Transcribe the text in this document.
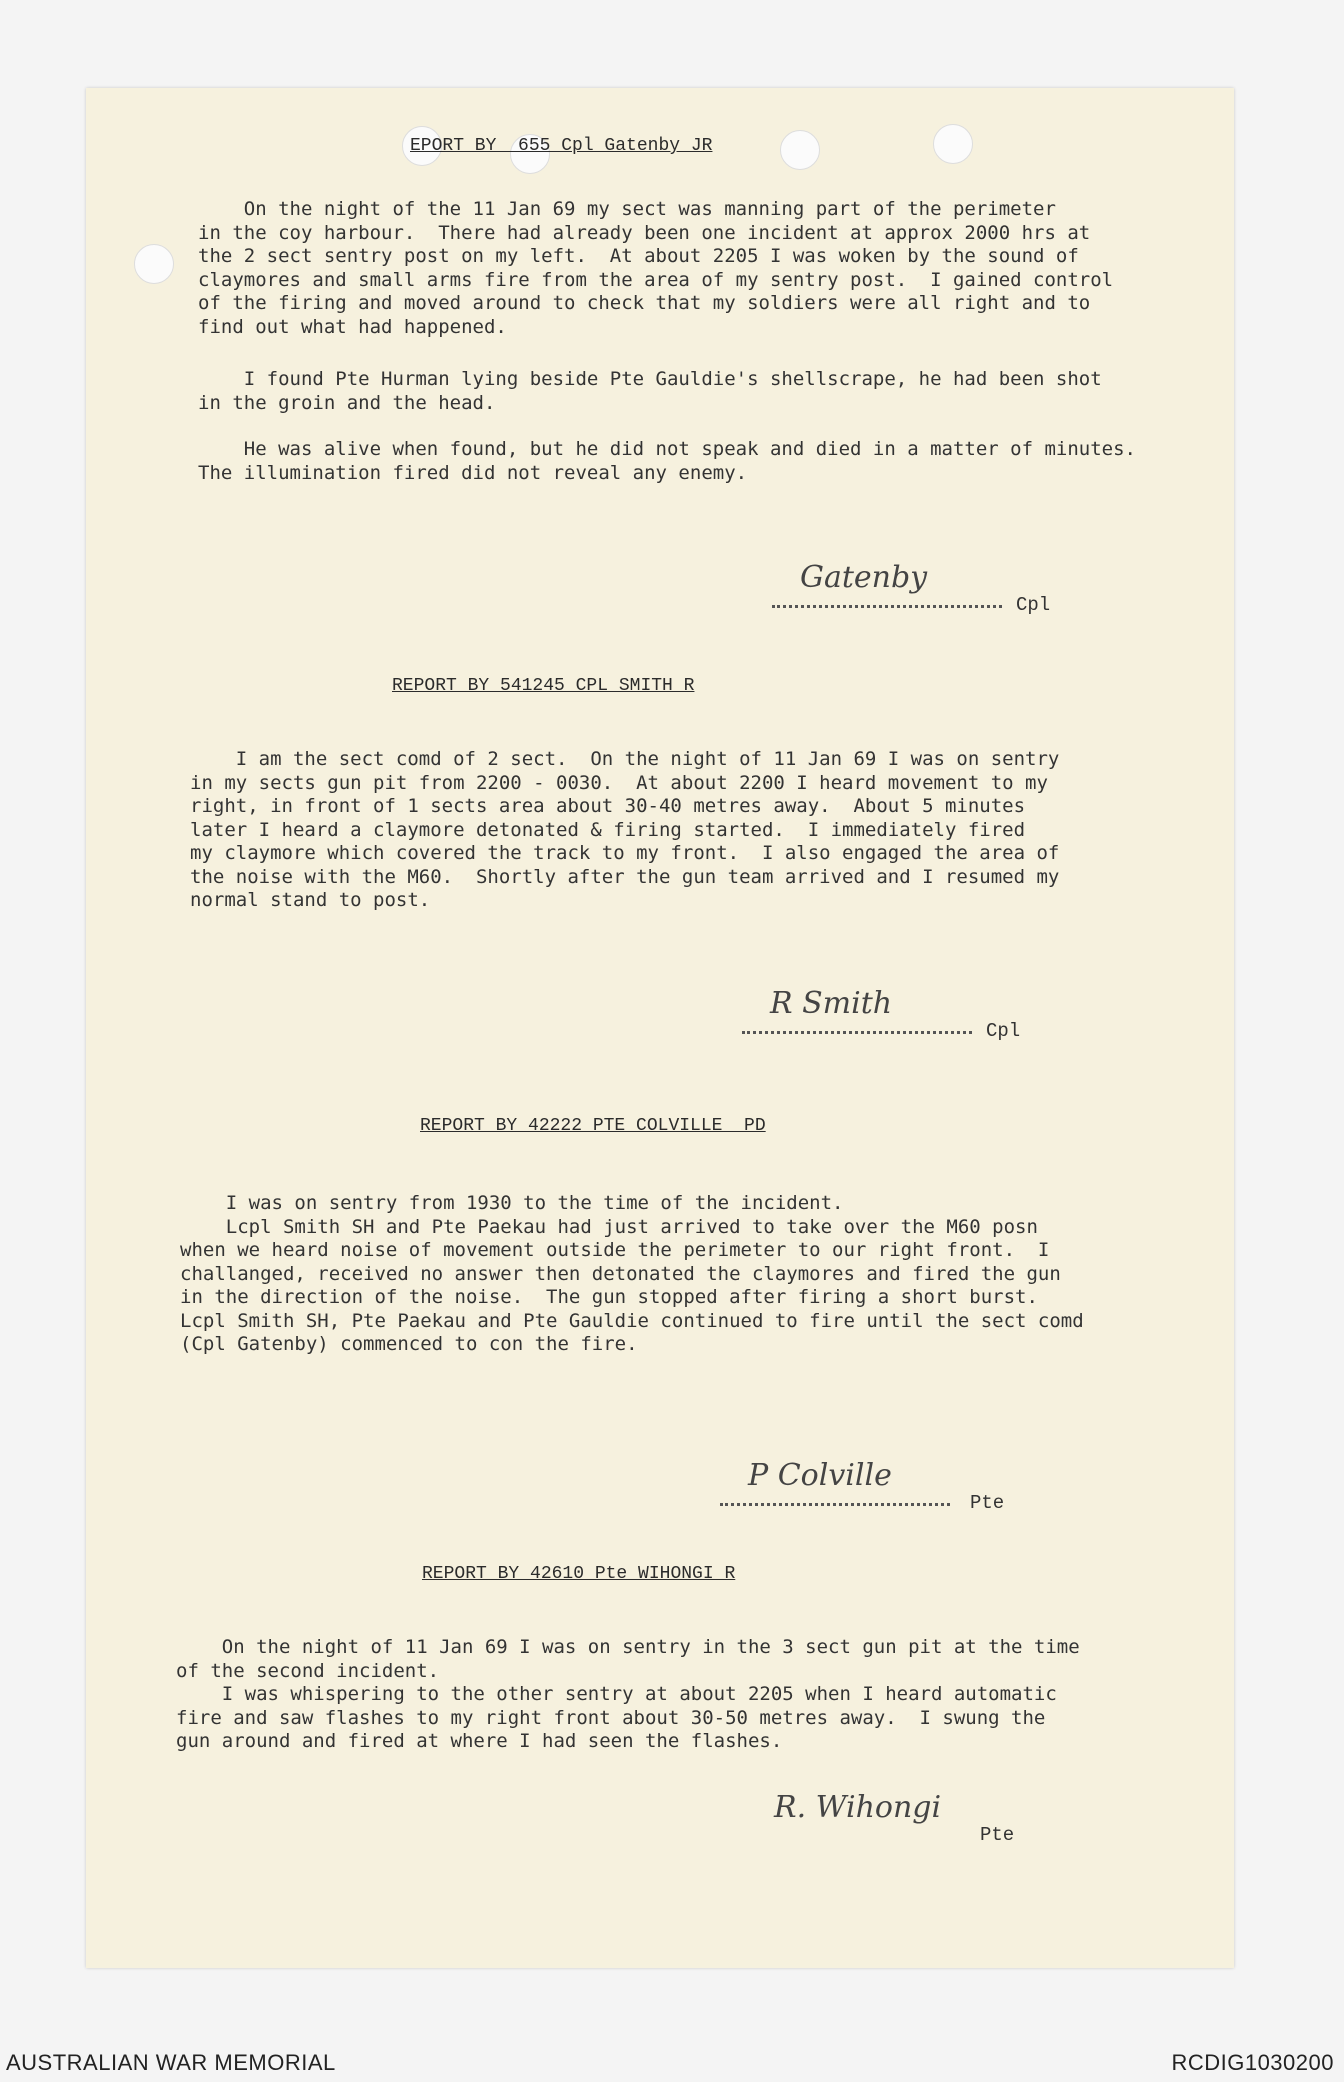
EPORT BY  655 Cpl Gatenby JR
On the night of the 11 Jan 69 my sect was manning part of the perimeter
in the coy harbour.  There had already been one incident at approx 2000 hrs at
the 2 sect sentry post on my left.  At about 2205 I was woken by the sound of
claymores and small arms fire from the area of my sentry post.  I gained control
of the firing and moved around to check that my soldiers were all right and to
find out what had happened.
I found Pte Hurman lying beside Pte Gauldie's shellscrape, he had been shot
in the groin and the head.
He was alive when found, but he did not speak and died in a matter of minutes.
The illumination fired did not reveal any enemy.
Gatenby
Cpl
REPORT BY 541245 CPL SMITH R
I am the sect comd of 2 sect.  On the night of 11 Jan 69 I was on sentry
in my sects gun pit from 2200 - 0030.  At about 2200 I heard movement to my
right, in front of 1 sects area about 30-40 metres away.  About 5 minutes
later I heard a claymore detonated & firing started.  I immediately fired
my claymore which covered the track to my front.  I also engaged the area of
the noise with the M60.  Shortly after the gun team arrived and I resumed my
normal stand to post.
R Smith
Cpl
REPORT BY 42222 PTE COLVILLE  PD
I was on sentry from 1930 to the time of the incident.
Lcpl Smith SH and Pte Paekau had just arrived to take over the M60 posn
when we heard noise of movement outside the perimeter to our right front.  I
challanged, received no answer then detonated the claymores and fired the gun
in the direction of the noise.  The gun stopped after firing a short burst.
Lcpl Smith SH, Pte Paekau and Pte Gauldie continued to fire until the sect comd
(Cpl Gatenby) commenced to con the fire.
P Colville
Pte
REPORT BY 42610 Pte WIHONGI R
On the night of 11 Jan 69 I was on sentry in the 3 sect gun pit at the time
of the second incident.
I was whispering to the other sentry at about 2205 when I heard automatic
fire and saw flashes to my right front about 30-50 metres away.  I swung the
gun around and fired at where I had seen the flashes.
R. Wihongi
Pte
AUSTRALIAN WAR MEMORIAL	RCDIG1030200
